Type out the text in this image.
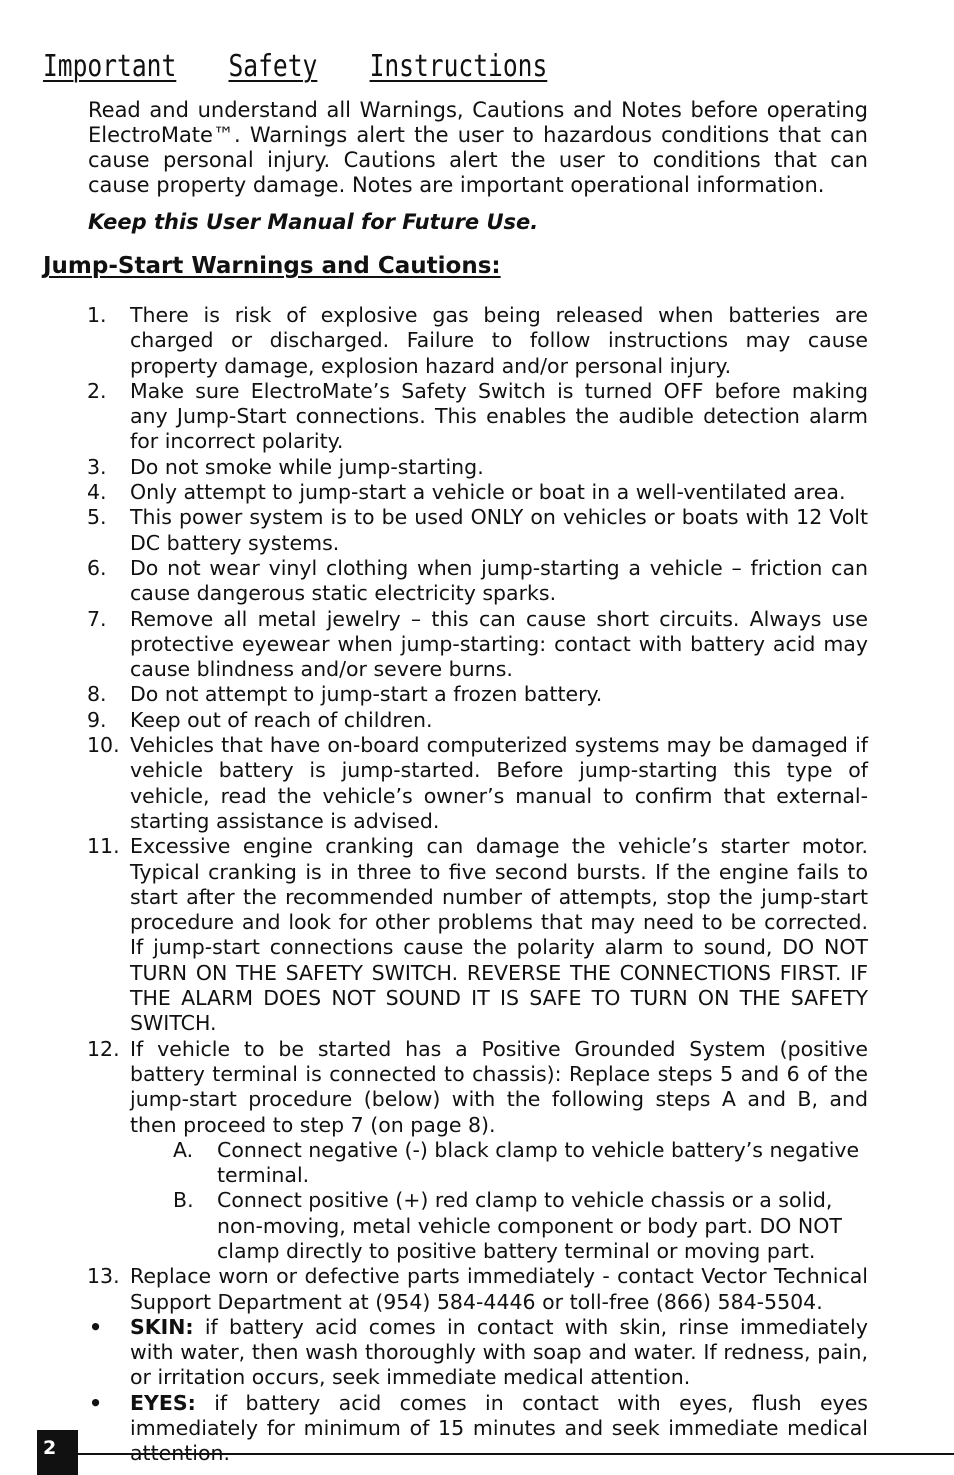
Important Safety Instructions

Read and understand all Warnings, Cautions and Notes before operating ElectroMate™. Warnings alert the user to hazardous conditions that can cause personal injury. Cautions alert the user to conditions that can cause property damage. Notes are important operational information.

Keep this User Manual for Future Use.

Jump-Start Warnings and Cautions:
1. There is risk of explosive gas being released when batteries are charged or discharged. Failure to follow instructions may cause property damage, explosion hazard and/or personal injury.
2. Make sure ElectroMate’s Safety Switch is turned OFF before making any Jump-Start connections. This enables the audible detection alarm for incorrect polarity.
3. Do not smoke while jump-starting.
4. Only attempt to jump-start a vehicle or boat in a well-ventilated area.
5. This power system is to be used ONLY on vehicles or boats with 12 Volt DC battery systems.
6. Do not wear vinyl clothing when jump-starting a vehicle – friction can cause dangerous static electricity sparks.
7. Remove all metal jewelry – this can cause short circuits. Always use protective eyewear when jump-starting: contact with battery acid may cause blindness and/or severe burns.
8. Do not attempt to jump-start a frozen battery.
9. Keep out of reach of children.
10. Vehicles that have on-board computerized systems may be damaged if vehicle battery is jump-started. Before jump-starting this type of vehicle, read the vehicle’s owner’s manual to confirm that external-starting assistance is advised.
11. Excessive engine cranking can damage the vehicle’s starter motor. Typical cranking is in three to five second bursts. If the engine fails to start after the recommended number of attempts, stop the jump-start procedure and look for other problems that may need to be corrected. If jump-start connections cause the polarity alarm to sound, DO NOT TURN ON THE SAFETY SWITCH. REVERSE THE CONNECTIONS FIRST. IF THE ALARM DOES NOT SOUND IT IS SAFE TO TURN ON THE SAFETY SWITCH.
12. If vehicle to be started has a Positive Grounded System (positive battery terminal is connected to chassis): Replace steps 5 and 6 of the jump-start procedure (below) with the following steps A and B, and then proceed to step 7 (on page 8).
A. Connect negative (-) black clamp to vehicle battery’s negative terminal.
B. Connect positive (+) red clamp to vehicle chassis or a solid, non-moving, metal vehicle component or body part. DO NOT clamp directly to positive battery terminal or moving part.
13. Replace worn or defective parts immediately - contact Vector Technical Support Department at (954) 584-4446 or toll-free (866) 584-5504.
• SKIN: if battery acid comes in contact with skin, rinse immediately with water, then wash thoroughly with soap and water. If redness, pain, or irritation occurs, seek immediate medical attention.
• EYES: if battery acid comes in contact with eyes, flush eyes immediately for minimum of 15 minutes and seek immediate medical attention.
2
